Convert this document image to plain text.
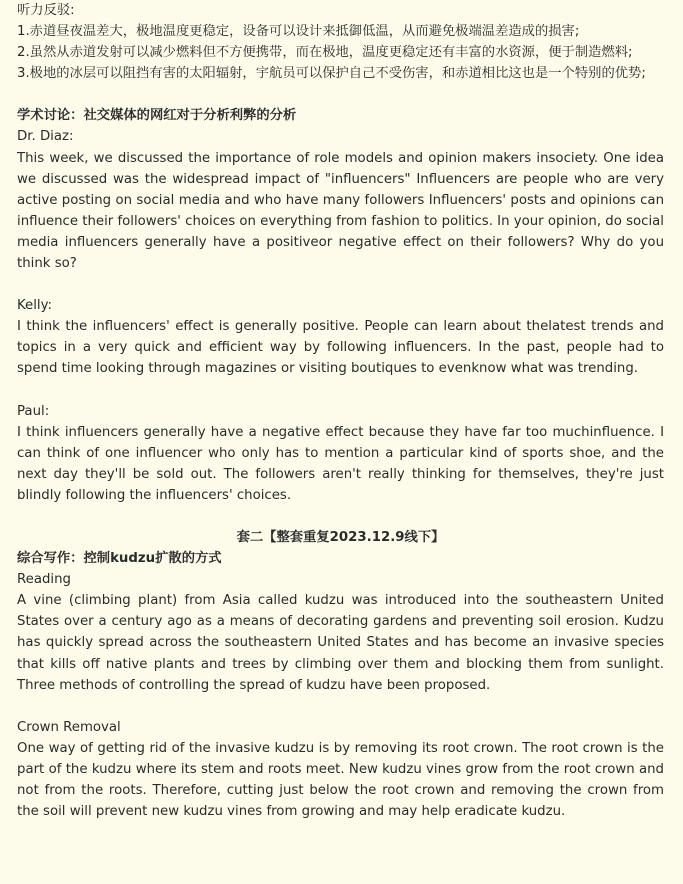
听力反驳:

1.赤道昼夜温差大，极地温度更稳定，设备可以设计来抵御低温，从而避免极端温差造成的损害;

2.虽然从赤道发射可以减少燃料但不方便携带，而在极地，温度更稳定还有丰富的水资源，便于制造燃料;

3.极地的冰层可以阻挡有害的太阳辐射，宇航员可以保护自己不受伤害，和赤道相比这也是一个特别的优势;

学术讨论：社交媒体的网红对于分析利弊的分析

Dr. Diaz:

This week, we discussed the importance of role models and opinion makers insociety. One idea we discussed was the widespread impact of "influencers" Influencers are people who are very active posting on social media and who have many followers Influencers' posts and opinions can influence their followers' choices on everything from fashion to politics. In your opinion, do social media influencers generally have a positiveor negative effect on their followers? Why do you think so?

Kelly:

I think the influencers' effect is generally positive. People can learn about thelatest trends and topics in a very quick and efficient way by following influencers. In the past, people had to spend time looking through magazines or visiting boutiques to evenknow what was trending.

Paul:

I think influencers generally have a negative effect because they have far too muchinfluence. I can think of one influencer who only has to mention a particular kind of sports shoe, and the next day they'll be sold out. The followers aren't really thinking for themselves, they're just blindly following the influencers' choices.

套二【整套重复2023.12.9线下】

综合写作：控制kudzu扩散的方式

Reading

A vine (climbing plant) from Asia called kudzu was introduced into the southeastern United States over a century ago as a means of decorating gardens and preventing soil erosion. Kudzu has quickly spread across the southeastern United States and has become an invasive species that kills off native plants and trees by climbing over them and blocking them from sunlight. Three methods of controlling the spread of kudzu have been proposed.

Crown Removal

One way of getting rid of the invasive kudzu is by removing its root crown. The root crown is the part of the kudzu where its stem and roots meet. New kudzu vines grow from the root crown and not from the roots. Therefore, cutting just below the root crown and removing the crown from the soil will prevent new kudzu vines from growing and may help eradicate kudzu.
